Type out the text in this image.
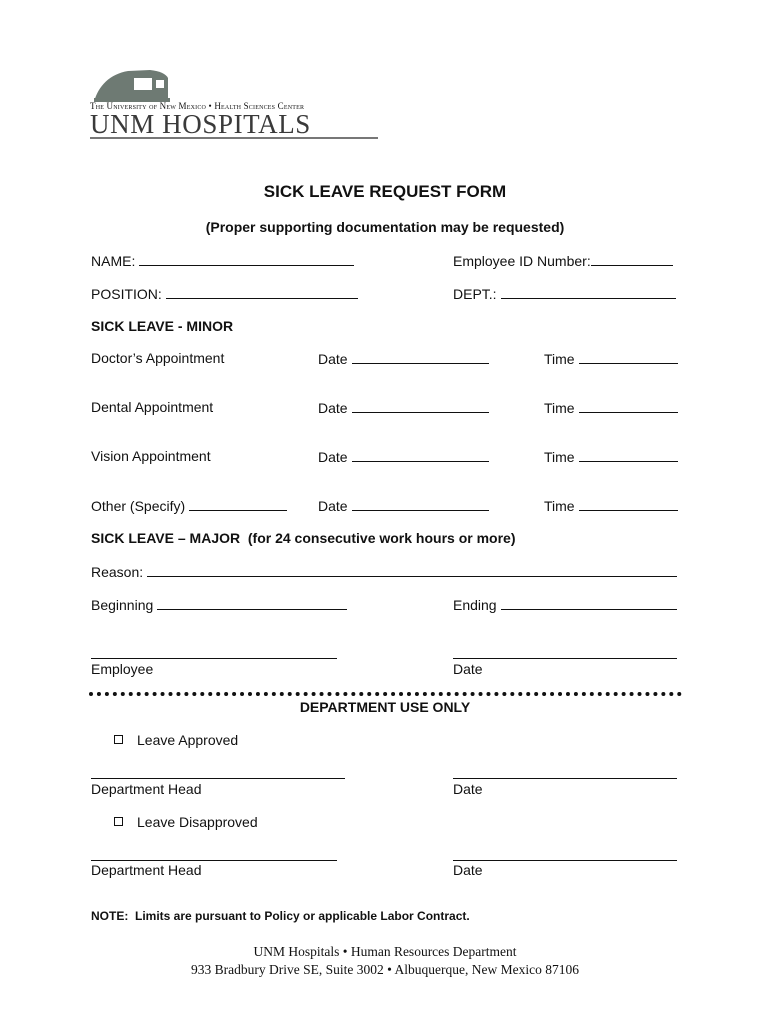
The University of New Mexico • Health Sciences Center
UNM HOSPITALS
SICK LEAVE REQUEST FORM
(Proper supporting documentation may be requested)
NAME:	Employee ID Number:
POSITION:	DEPT.:
SICK LEAVE - MINOR
Doctor’s Appointment	Date	Time
Dental Appointment	Date	Time
Vision Appointment	Date	Time
Other (Specify)	Date	Time
SICK LEAVE – MAJOR  (for 24 consecutive work hours or more)
Reason:
Beginning	Ending
Employee	Date
DEPARTMENT USE ONLY
Leave Approved
Department Head	Date
Leave Disapproved
Department Head	Date
NOTE:  Limits are pursuant to Policy or applicable Labor Contract.
UNM Hospitals • Human Resources Department
933 Bradbury Drive SE, Suite 3002 • Albuquerque, New Mexico 87106
